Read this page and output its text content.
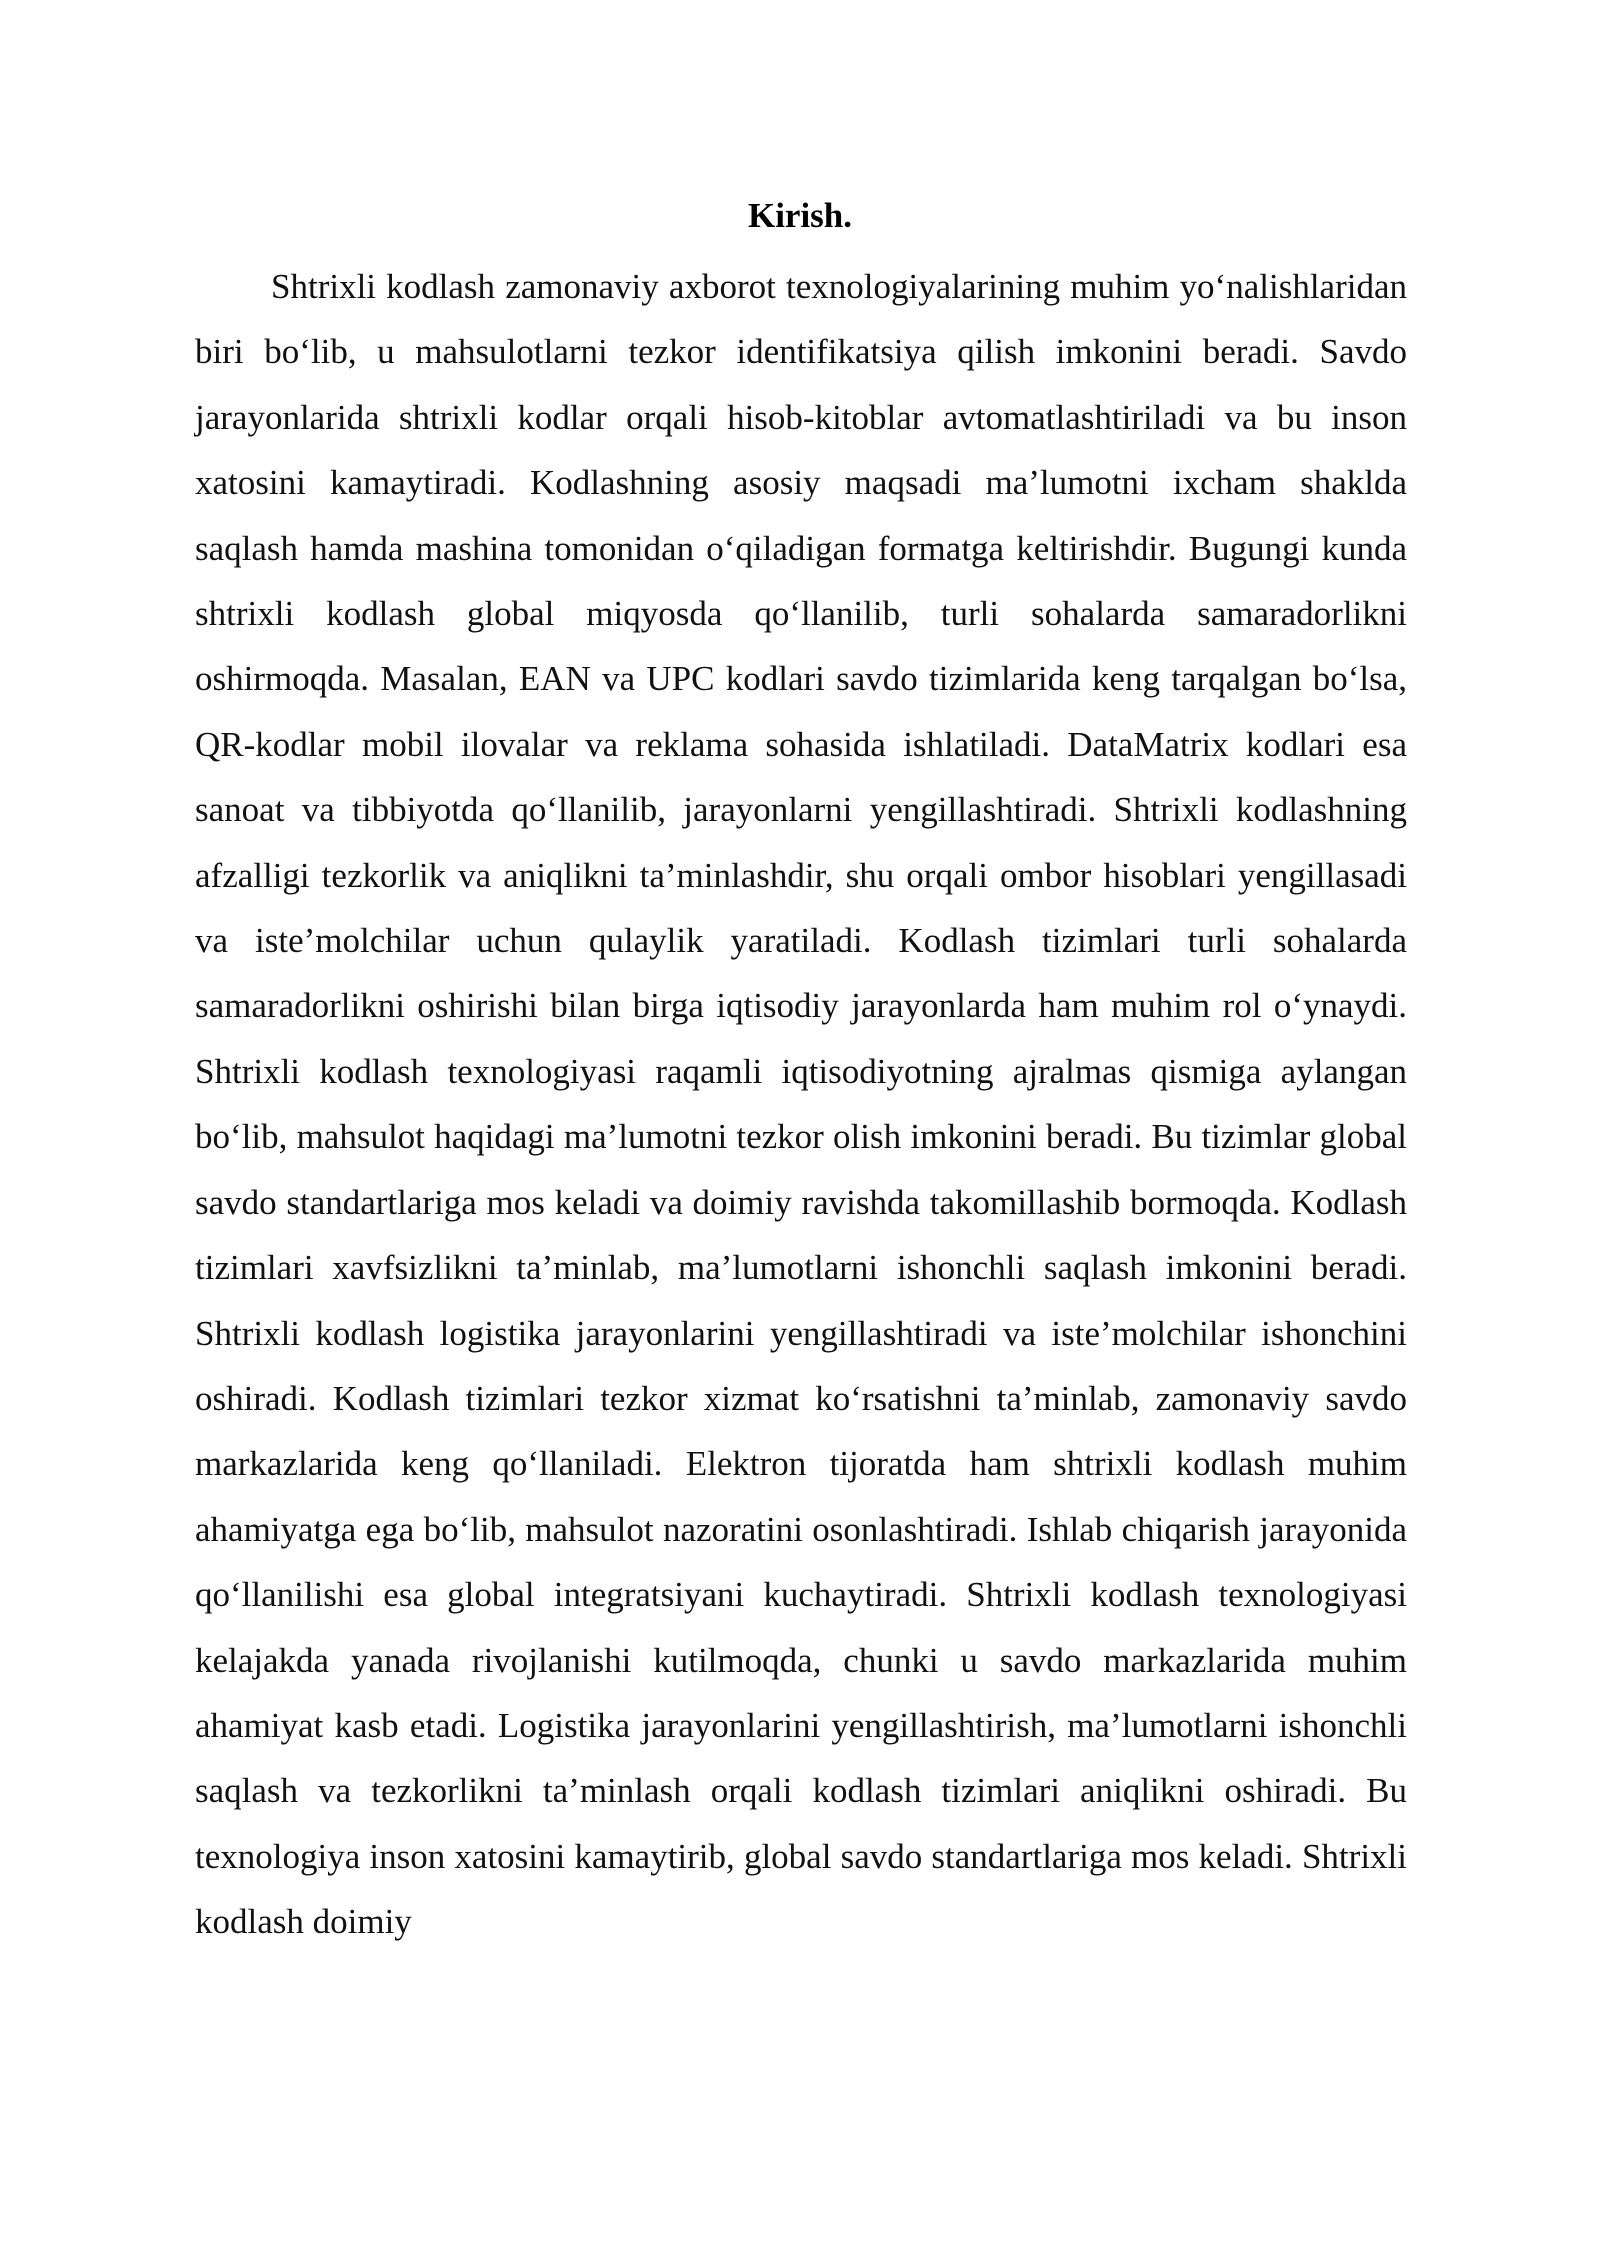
Kirish.

Shtrixli kodlash zamonaviy axborot texnologiyalarining muhim yo‘nalishlaridan biri bo‘lib, u mahsulotlarni tezkor identifikatsiya qilish imkonini beradi. Savdo jarayonlarida shtrixli kodlar orqali hisob-kitoblar avtomatlashtiriladi va bu inson xatosini kamaytiradi. Kodlashning asosiy maqsadi ma’lumotni ixcham shaklda saqlash hamda mashina tomonidan o‘qiladigan formatga keltirishdir. Bugungi kunda shtrixli kodlash global miqyosda qo‘llanilib, turli sohalarda samaradorlikni oshirmoqda. Masalan, EAN va UPC kodlari savdo tizimlarida keng tarqalgan bo‘lsa, QR-kodlar mobil ilovalar va reklama sohasida ishlatiladi. DataMatrix kodlari esa sanoat va tibbiyotda qo‘llanilib, jarayonlarni yengillashtiradi. Shtrixli kodlashning afzalligi tezkorlik va aniqlikni ta’minlashdir, shu orqali ombor hisoblari yengillasadi va iste’molchilar uchun qulaylik yaratiladi. Kodlash tizimlari turli sohalarda samaradorlikni oshirishi bilan birga iqtisodiy jarayonlarda ham muhim rol o‘ynaydi. Shtrixli kodlash texnologiyasi raqamli iqtisodiyotning ajralmas qismiga aylangan bo‘lib, mahsulot haqidagi ma’lumotni tezkor olish imkonini beradi. Bu tizimlar global savdo standartlariga mos keladi va doimiy ravishda takomillashib bormoqda. Kodlash tizimlari xavfsizlikni ta’minlab, ma’lumotlarni ishonchli saqlash imkonini beradi. Shtrixli kodlash logistika jarayonlarini yengillashtiradi va iste’molchilar ishonchini oshiradi. Kodlash tizimlari tezkor xizmat ko‘rsatishni ta’minlab, zamonaviy savdo markazlarida keng qo‘llaniladi. Elektron tijoratda ham shtrixli kodlash muhim ahamiyatga ega bo‘lib, mahsulot nazoratini osonlashtiradi. Ishlab chiqarish jarayonida qo‘llanilishi esa global integratsiyani kuchaytiradi. Shtrixli kodlash texnologiyasi kelajakda yanada rivojlanishi kutilmoqda, chunki u savdo markazlarida muhim ahamiyat kasb etadi. Logistika jarayonlarini yengillashtirish, ma’lumotlarni ishonchli saqlash va tezkorlikni ta’minlash orqali kodlash tizimlari aniqlikni oshiradi. Bu texnologiya inson xatosini kamaytirib, global savdo standartlariga mos keladi. Shtrixli kodlash doimiy
